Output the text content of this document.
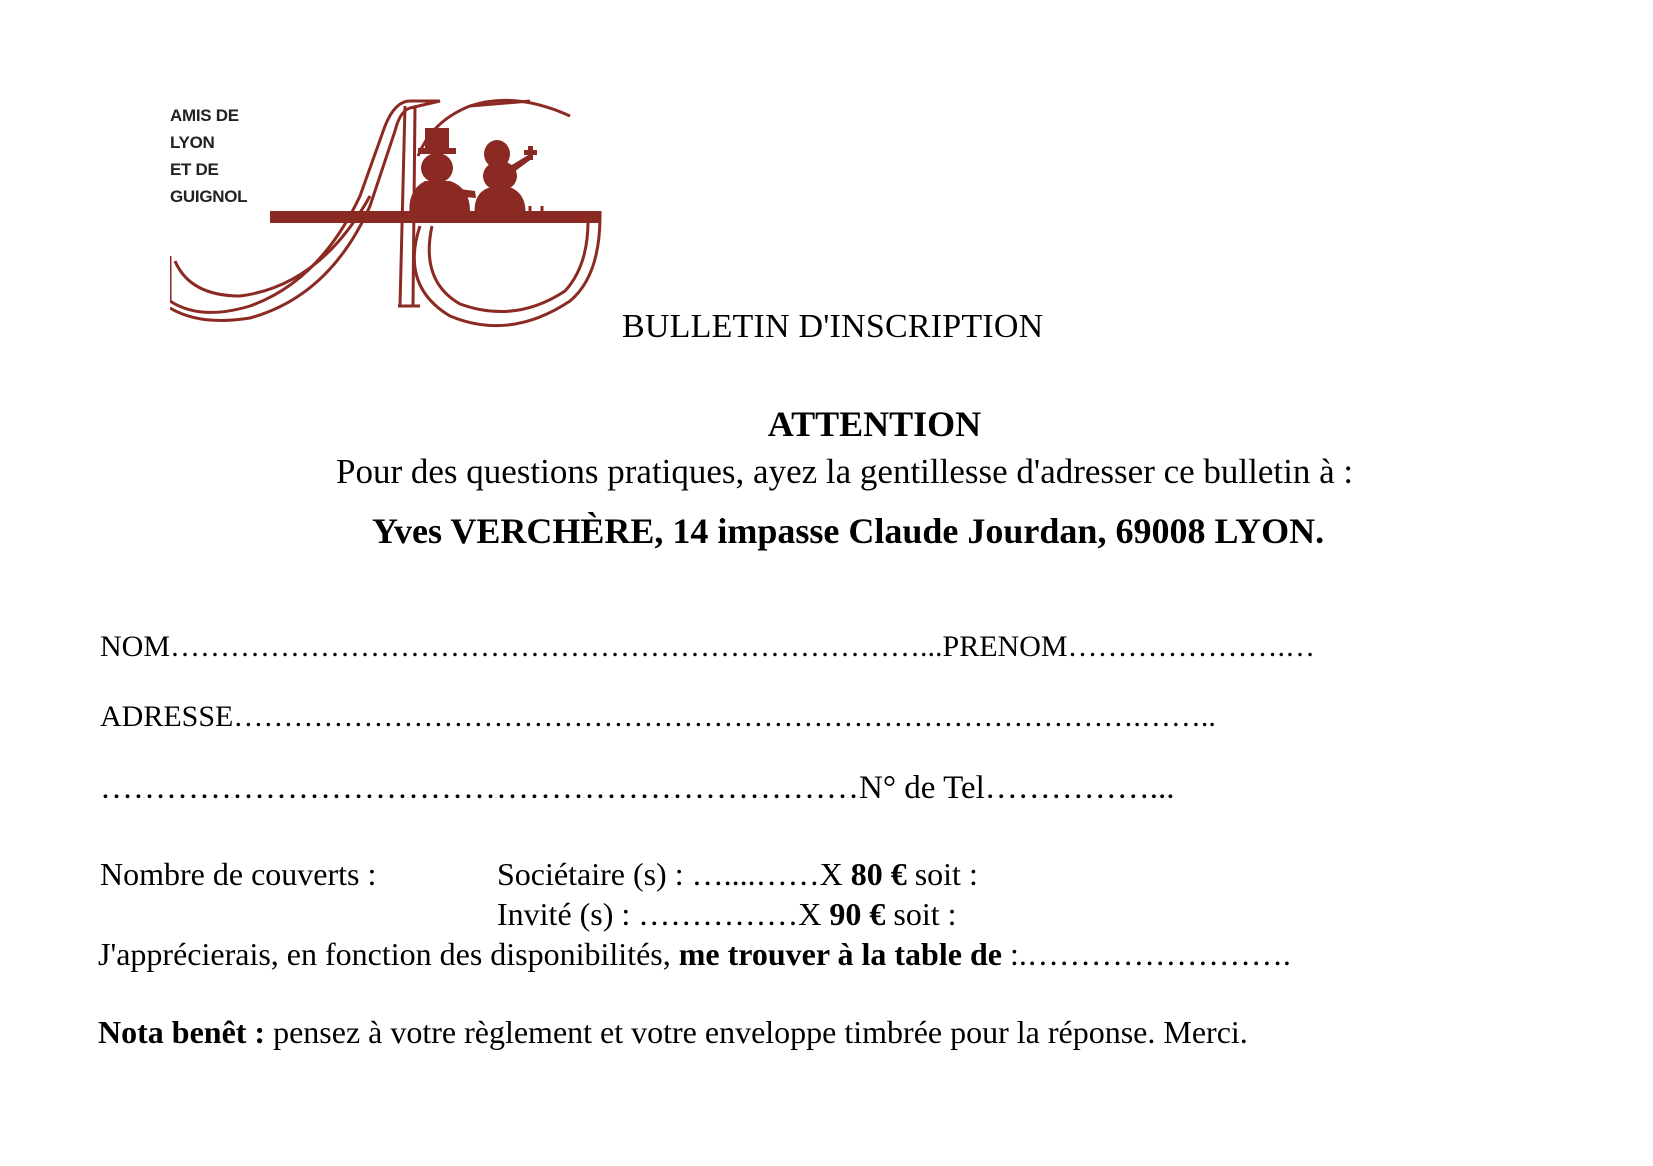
AMIS DE
LYON
ET DE
GUIGNOL
BULLETIN D'INSCRIPTION
ATTENTION
Pour des questions pratiques, ayez la gentillesse d'adresser ce bulletin à :
Yves VERCHÈRE, 14 impasse Claude Jourdan, 69008 LYON.
NOM…………………………………………………………………...PRENOM………………….…
ADRESSE……………………………………………………………………………….……..
……………………………………………………………N° de Tel……………...
Nombre de couverts :	Sociétaire (s) : …....……X 80 € soit :
Invité (s) : ……………X 90 € soit :
J'apprécierais, en fonction des disponibilités, me trouver à la table de :.…………………….
Nota benêt : pensez à votre règlement et votre enveloppe timbrée pour la réponse. Merci.
